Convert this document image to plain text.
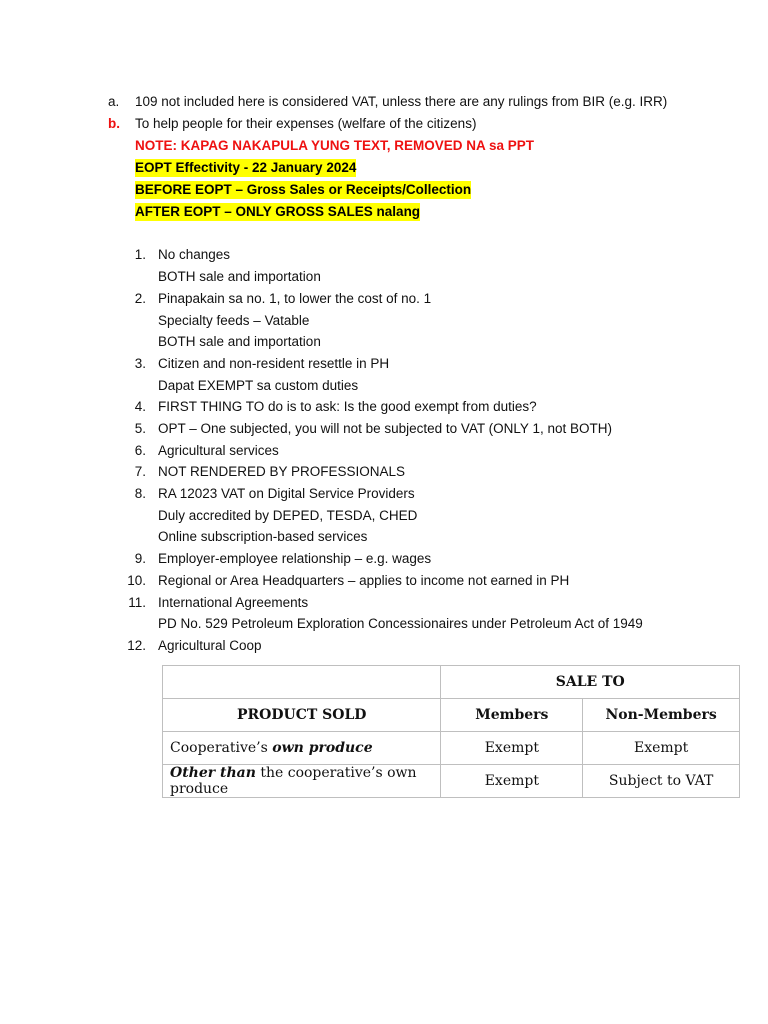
a.	109 not included here is considered VAT, unless there are any rulings from BIR (e.g. IRR)
b.	To help people for their expenses (welfare of the citizens)
NOTE: KAPAG NAKAPULA YUNG TEXT, REMOVED NA sa PPT
EOPT Effectivity - 22 January 2024
BEFORE EOPT – Gross Sales or Receipts/Collection
AFTER EOPT – ONLY GROSS SALES nalang
1. No changes
BOTH sale and importation
2. Pinapakain sa no. 1, to lower the cost of no. 1
Specialty feeds – Vatable
BOTH sale and importation
3. Citizen and non-resident resettle in PH
Dapat EXEMPT sa custom duties
4. FIRST THING TO do is to ask: Is the good exempt from duties?
5. OPT – One subjected, you will not be subjected to VAT (ONLY 1, not BOTH)
6. Agricultural services
7. NOT RENDERED BY PROFESSIONALS
8. RA 12023 VAT on Digital Service Providers
Duly accredited by DEPED, TESDA, CHED
Online subscription-based services
9. Employer-employee relationship – e.g. wages
10. Regional or Area Headquarters – applies to income not earned in PH
11. International Agreements
PD No. 529 Petroleum Exploration Concessionaires under Petroleum Act of 1949
12. Agricultural Coop
	SALE TO	
PRODUCT SOLD	Members	Non-Members
Cooperative’s own produce	Exempt	Exempt
Other than the cooperative’s own produce	Exempt	Subject to VAT
